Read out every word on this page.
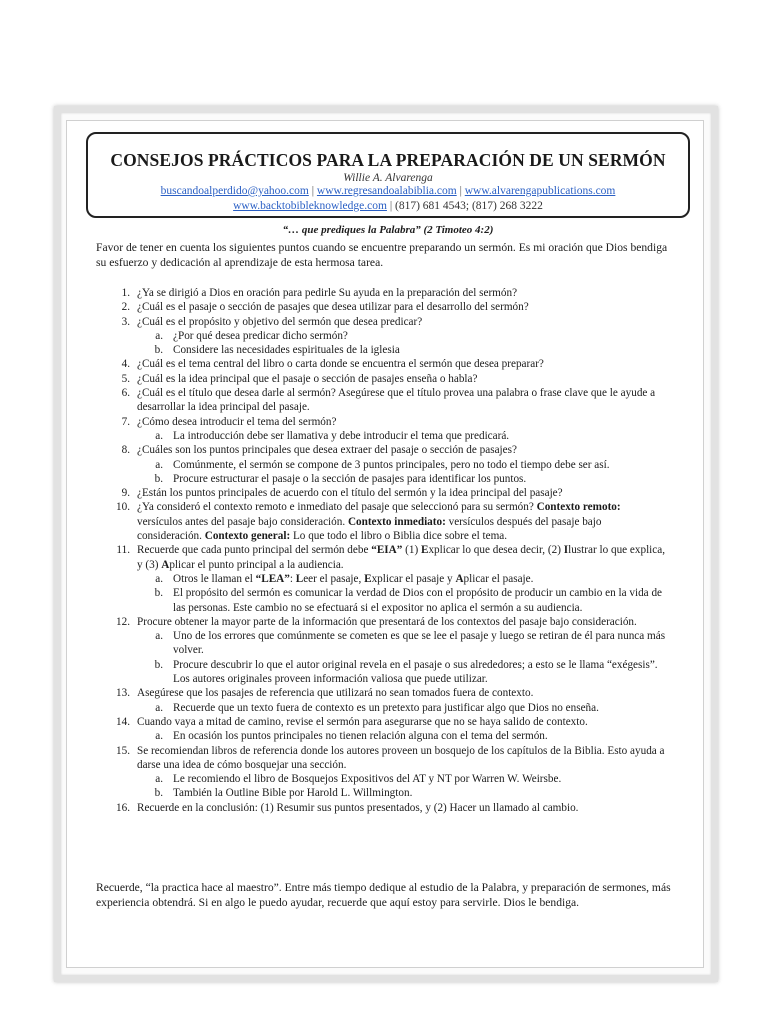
CONSEJOS PRÁCTICOS PARA LA PREPARACIÓN DE UN SERMÓN
Willie A. Alvarenga
buscandoalperdido@yahoo.com | www.regresandoalabiblia.com | www.alvarengapublications.com
www.backtobibleknowledge.com | (817) 681 4543; (817) 268 3222
“… que prediques la Palabra” (2 Timoteo 4:2)
Favor de tener en cuenta los siguientes puntos cuando se encuentre preparando un sermón. Es mi oración que Dios bendiga su esfuerzo y dedicación al aprendizaje de esta hermosa tarea.
1. ¿Ya se dirigió a Dios en oración para pedirle Su ayuda en la preparación del sermón?
2. ¿Cuál es el pasaje o sección de pasajes que desea utilizar para el desarrollo del sermón?
3. ¿Cuál es el propósito y objetivo del sermón que desea predicar?
a. ¿Por qué desea predicar dicho sermón?
b. Considere las necesidades espirituales de la iglesia
4. ¿Cuál es el tema central del libro o carta donde se encuentra el sermón que desea preparar?
5. ¿Cuál es la idea principal que el pasaje o sección de pasajes enseña o habla?
6. ¿Cuál es el título que desea darle al sermón? Asegúrese que el título provea una palabra o frase clave que le ayude a desarrollar la idea principal del pasaje.
7. ¿Cómo desea introducir el tema del sermón?
a. La introducción debe ser llamativa y debe introducir el tema que predicará.
8. ¿Cuáles son los puntos principales que desea extraer del pasaje o sección de pasajes?
a. Comúnmente, el sermón se compone de 3 puntos principales, pero no todo el tiempo debe ser así.
b. Procure estructurar el pasaje o la sección de pasajes para identificar los puntos.
9. ¿Están los puntos principales de acuerdo con el título del sermón y la idea principal del pasaje?
10. ¿Ya consideró el contexto remoto e inmediato del pasaje que seleccionó para su sermón? Contexto remoto: versículos antes del pasaje bajo consideración. Contexto inmediato: versículos después del pasaje bajo consideración. Contexto general: Lo que todo el libro o Biblia dice sobre el tema.
11. Recuerde que cada punto principal del sermón debe “EIA” (1) Explicar lo que desea decir, (2) Ilustrar lo que explica, y (3) Aplicar el punto principal a la audiencia.
a. Otros le llaman el “LEA”: Leer el pasaje, Explicar el pasaje y Aplicar el pasaje.
b. El propósito del sermón es comunicar la verdad de Dios con el propósito de producir un cambio en la vida de las personas. Este cambio no se efectuará si el expositor no aplica el sermón a su audiencia.
12. Procure obtener la mayor parte de la información que presentará de los contextos del pasaje bajo consideración.
a. Uno de los errores que comúnmente se cometen es que se lee el pasaje y luego se retiran de él para nunca más volver.
b. Procure descubrir lo que el autor original revela en el pasaje o sus alrededores; a esto se le llama “exégesis”. Los autores originales proveen información valiosa que puede utilizar.
13. Asegúrese que los pasajes de referencia que utilizará no sean tomados fuera de contexto.
a. Recuerde que un texto fuera de contexto es un pretexto para justificar algo que Dios no enseña.
14. Cuando vaya a mitad de camino, revise el sermón para asegurarse que no se haya salido de contexto.
a. En ocasión los puntos principales no tienen relación alguna con el tema del sermón.
15. Se recomiendan libros de referencia donde los autores proveen un bosquejo de los capítulos de la Biblia. Esto ayuda a darse una idea de cómo bosquejar una sección.
a. Le recomiendo el libro de Bosquejos Expositivos del AT y NT por Warren W. Weirsbe.
b. También la Outline Bible por Harold L. Willmington.
16. Recuerde en la conclusión: (1) Resumir sus puntos presentados, y (2) Hacer un llamado al cambio.
Recuerde, “la practica hace al maestro”. Entre más tiempo dedique al estudio de la Palabra, y preparación de sermones, más experiencia obtendrá. Si en algo le puedo ayudar, recuerde que aquí estoy para servirle. Dios le bendiga.
